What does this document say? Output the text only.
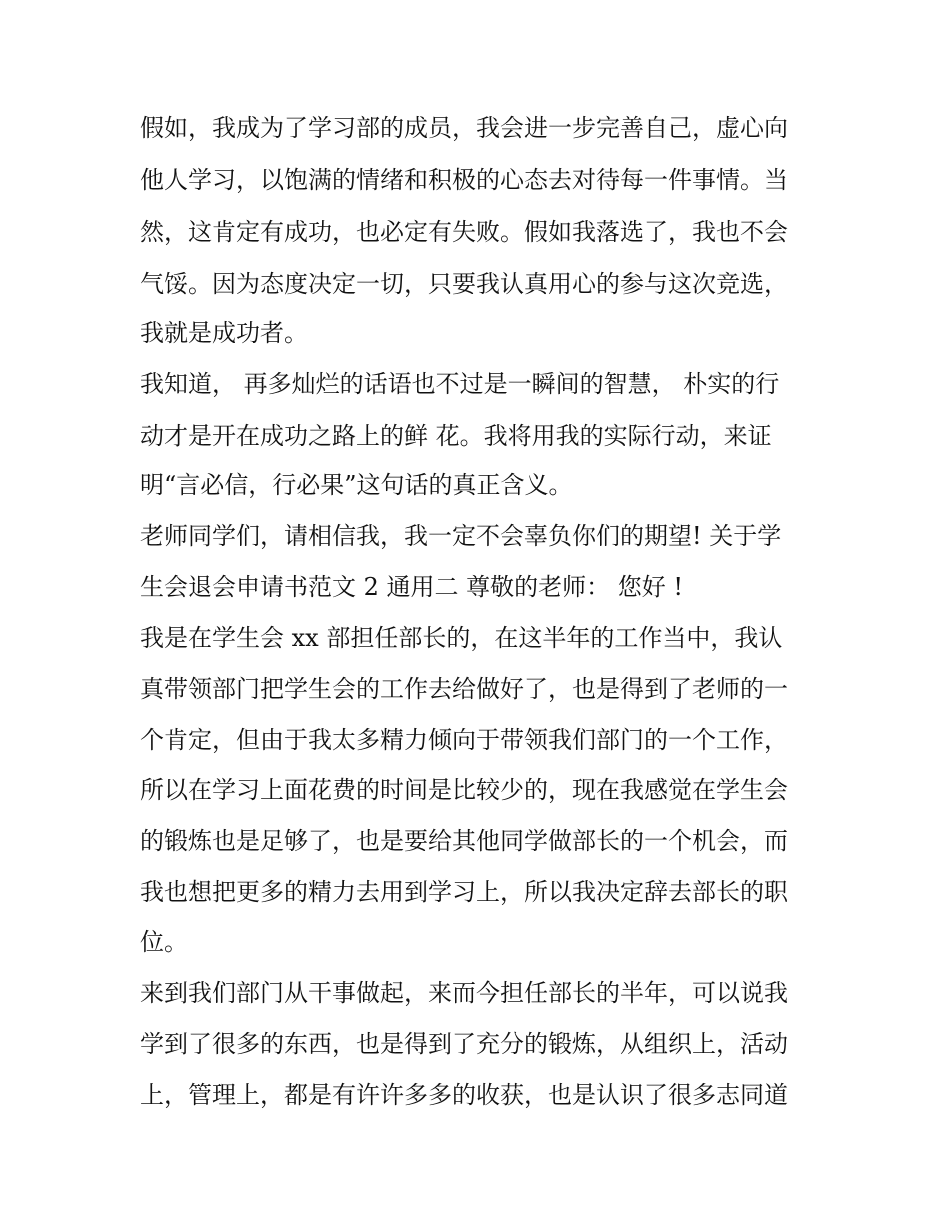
假如，我成为了学习部的成员，我会进一步完善自己，虚心向

他人学习，以饱满的情绪和积极的心态去对待每一件事情。当

然，这肯定有成功，也必定有失败。假如我落选了，我也不会

气馁。因为态度决定一切，只要我认真用心的参与这次竞选，

我就是成功者。

我知道， 再多灿烂的话语也不过是一瞬间的智慧， 朴实的行

动才是开在成功之路上的鲜 花。我将用我的实际行动，来证

明“言必信，行必果”这句话的真正含义。

老师同学们，请相信我，我一定不会辜负你们的期望! 关于学

生会退会申请书范文 2 通用二 尊敬的老师： 您好 !

我是在学生会 xx 部担任部长的，在这半年的工作当中，我认

真带领部门把学生会的工作去给做好了，也是得到了老师的一

个肯定，但由于我太多精力倾向于带领我们部门的一个工作，

所以在学习上面花费的时间是比较少的，现在我感觉在学生会

的锻炼也是足够了，也是要给其他同学做部长的一个机会，而

我也想把更多的精力去用到学习上，所以我决定辞去部长的职

位。

来到我们部门从干事做起，来而今担任部长的半年，可以说我

学到了很多的东西，也是得到了充分的锻炼，从组织上，活动

上，管理上，都是有许许多多的收获，也是认识了很多志同道
